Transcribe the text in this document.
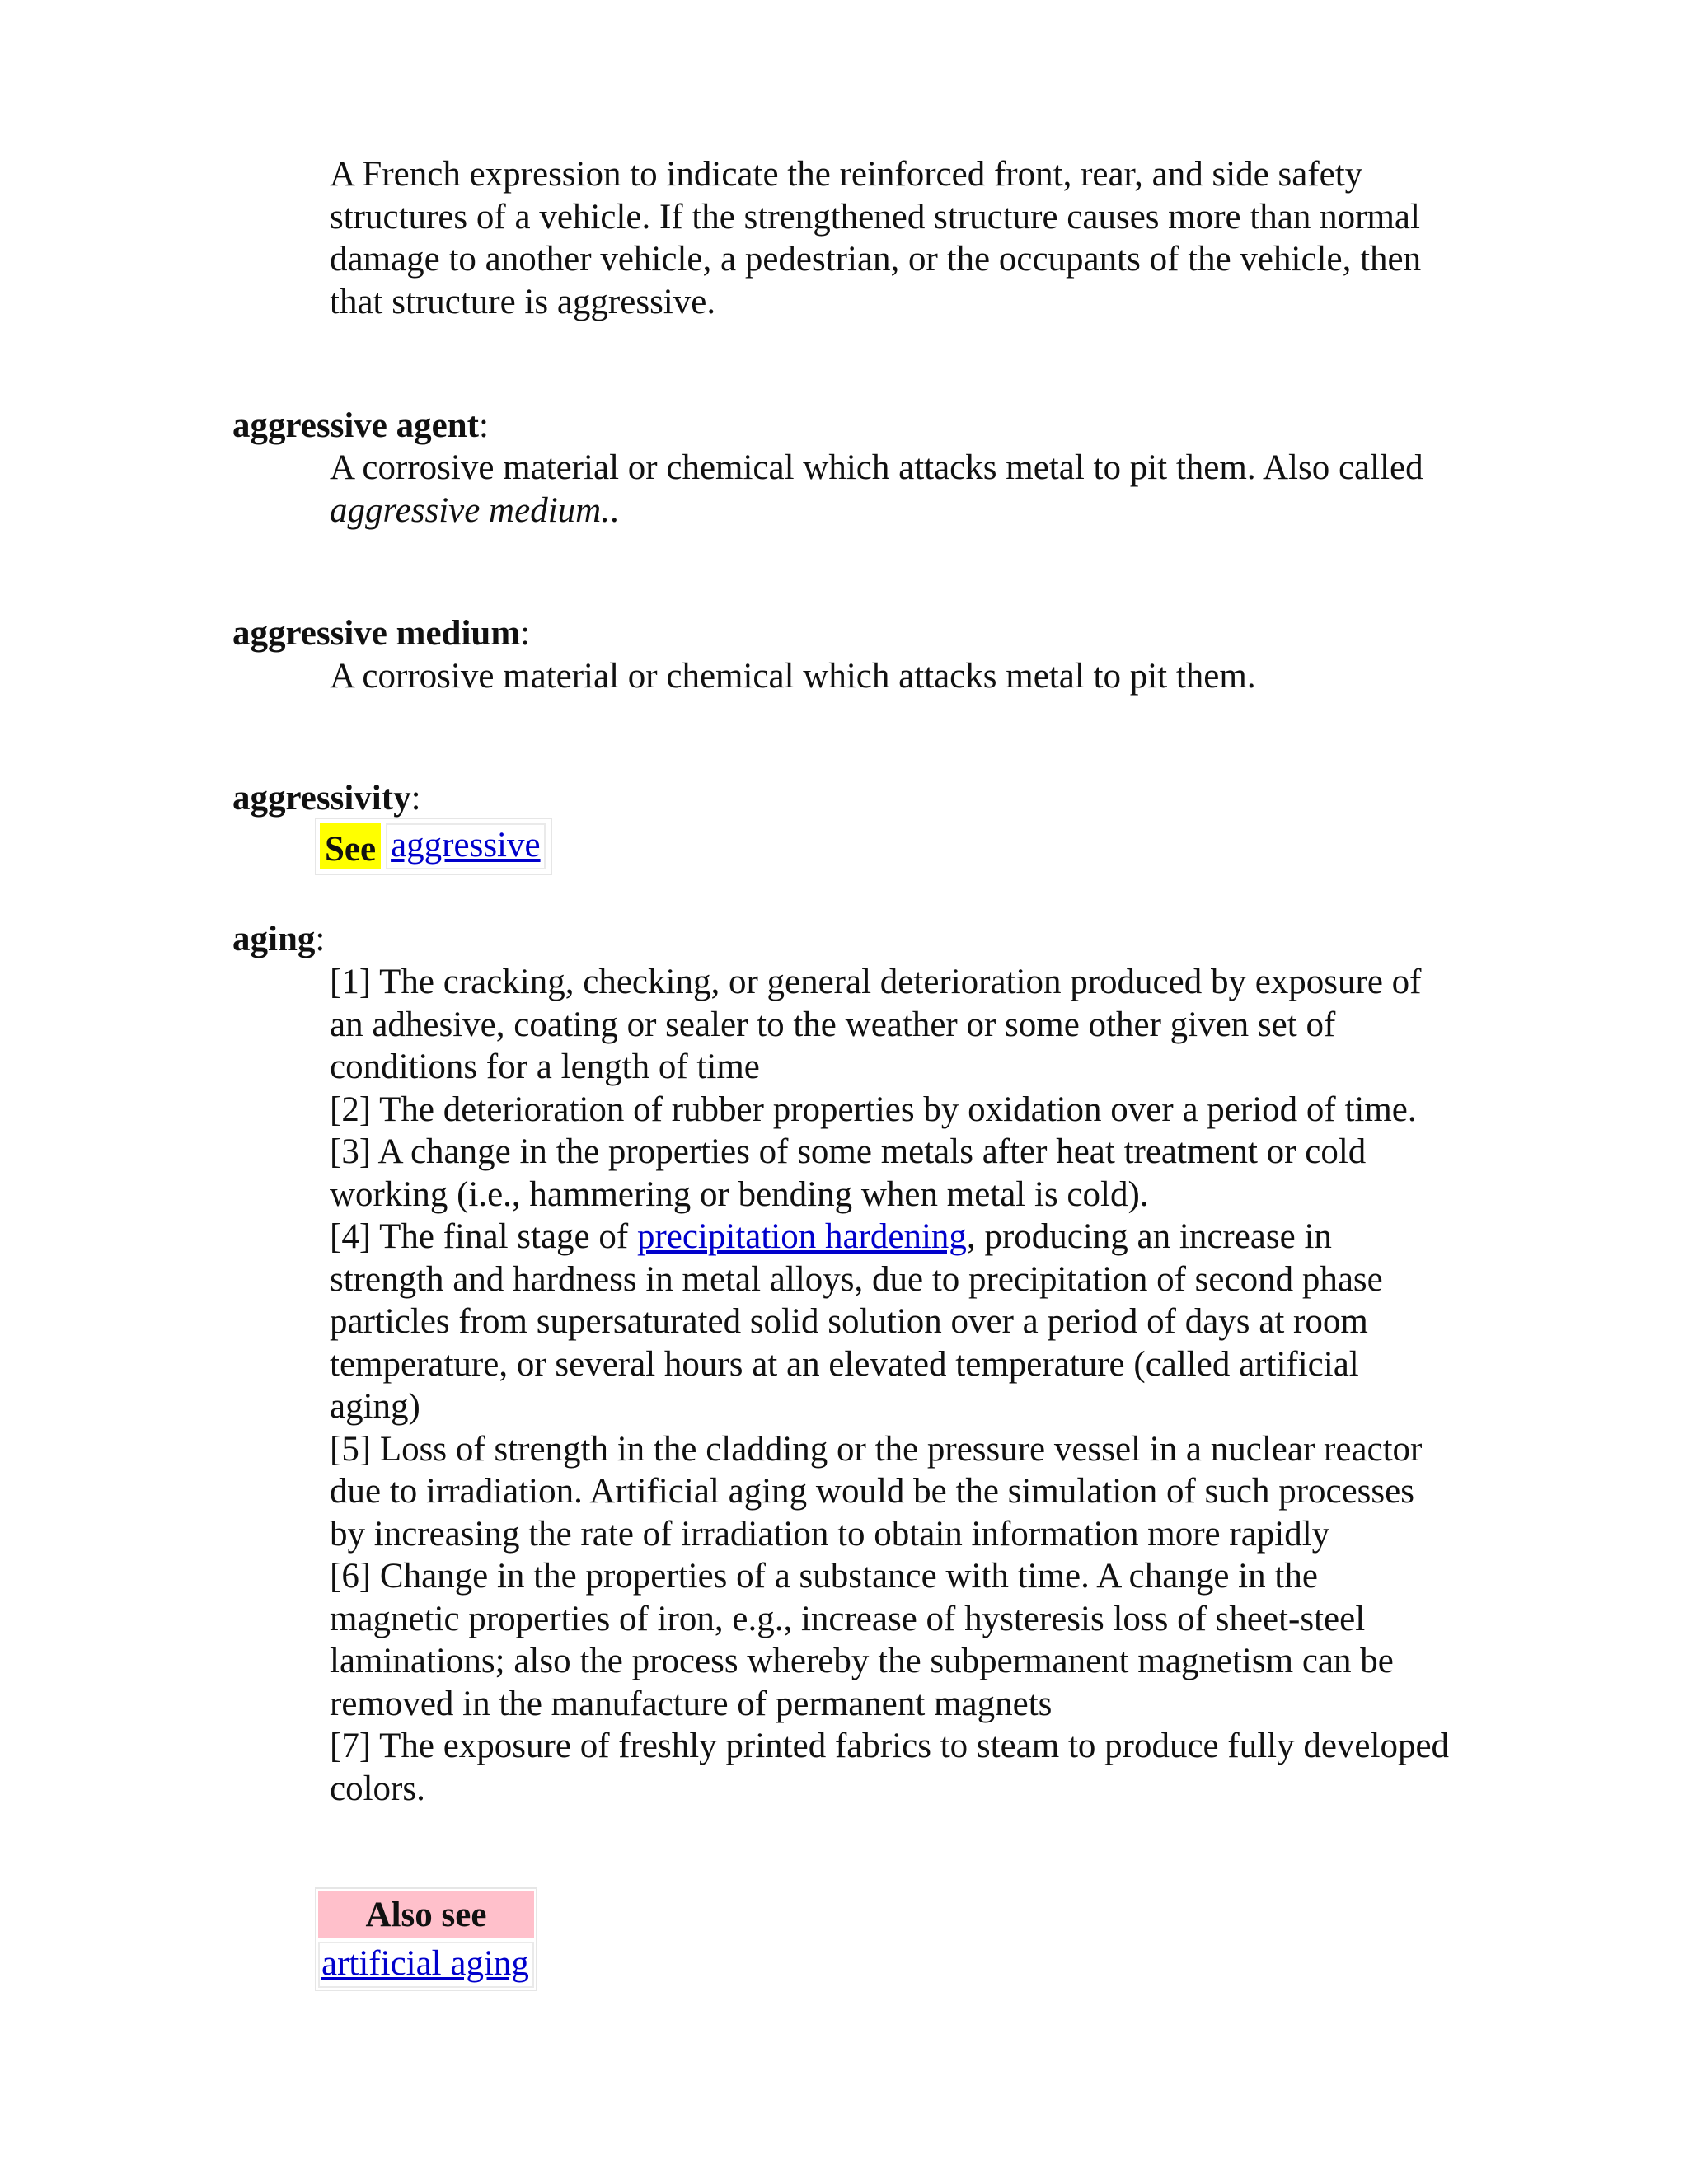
A French expression to indicate the reinforced front, rear, and side safety structures of a vehicle. If the strengthened structure causes more than normal damage to another vehicle, a pedestrian, or the occupants of the vehicle, then that structure is aggressive.
aggressive agent:
A corrosive material or chemical which attacks metal to pit them. Also called aggressive medium..
aggressive medium:
A corrosive material or chemical which attacks metal to pit them.
aggressivity:
See aggressive
aging:
[1] The cracking, checking, or general deterioration produced by exposure of an adhesive, coating or sealer to the weather or some other given set of conditions for a length of time
[2] The deterioration of rubber properties by oxidation over a period of time.
[3] A change in the properties of some metals after heat treatment or cold working (i.e., hammering or bending when metal is cold).
[4] The final stage of precipitation hardening, producing an increase in strength and hardness in metal alloys, due to precipitation of second phase particles from supersaturated solid solution over a period of days at room temperature, or several hours at an elevated temperature (called artificial aging)
[5] Loss of strength in the cladding or the pressure vessel in a nuclear reactor due to irradiation. Artificial aging would be the simulation of such processes by increasing the rate of irradiation to obtain information more rapidly
[6] Change in the properties of a substance with time. A change in the magnetic properties of iron, e.g., increase of hysteresis loss of sheet-steel laminations; also the process whereby the subpermanent magnetism can be removed in the manufacture of permanent magnets
[7] The exposure of freshly printed fabrics to steam to produce fully developed colors.
Also see
artificial aging
